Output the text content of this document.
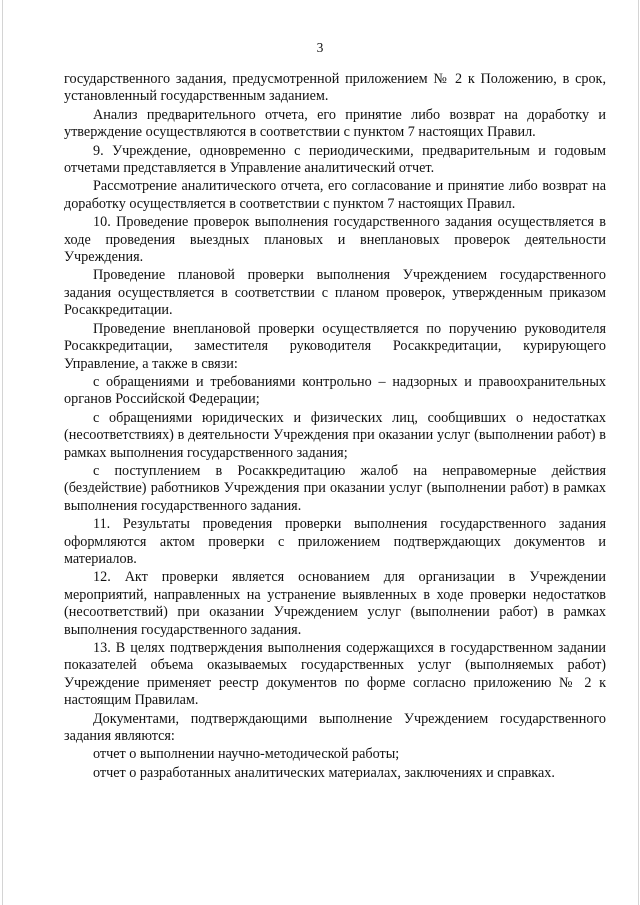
3

государственного задания, предусмотренной приложением № 2 к Положению, в срок, установленный государственным заданием.

Анализ предварительного отчета, его принятие либо возврат на доработку и утверждение осуществляются в соответствии с пунктом 7 настоящих Правил.

9. Учреждение, одновременно с периодическими, предварительным и годовым отчетами представляется в Управление аналитический отчет.

Рассмотрение аналитического отчета, его согласование и принятие либо возврат на доработку осуществляется в соответствии с пунктом 7 настоящих Правил.

10. Проведение проверок выполнения государственного задания осуществляется в ходе проведения выездных плановых и внеплановых проверок деятельности Учреждения.

Проведение плановой проверки выполнения Учреждением государственного задания осуществляется в соответствии с планом проверок, утвержденным приказом Росаккредитации.

Проведение внеплановой проверки осуществляется по поручению руководителя Росаккредитации, заместителя руководителя Росаккредитации, курирующего Управление, а также в связи:

с обращениями и требованиями контрольно – надзорных и правоохранительных органов Российской Федерации;

с обращениями юридических и физических лиц, сообщивших о недостатках (несоответствиях) в деятельности Учреждения при оказании услуг (выполнении работ) в рамках выполнения государственного задания;

с поступлением в Росаккредитацию жалоб на неправомерные действия (бездействие) работников Учреждения при оказании услуг (выполнении работ) в рамках выполнения государственного задания.

11. Результаты проведения проверки выполнения государственного задания оформляются актом проверки с приложением подтверждающих документов и материалов.

12. Акт проверки является основанием для организации в Учреждении мероприятий, направленных на устранение выявленных в ходе проверки недостатков (несоответствий) при оказании Учреждением услуг (выполнении работ) в рамках выполнения государственного задания.

13. В целях подтверждения выполнения содержащихся в государственном задании показателей объема оказываемых государственных услуг (выполняемых работ) Учреждение применяет реестр документов по форме согласно приложению № 2 к настоящим Правилам.

Документами, подтверждающими выполнение Учреждением государственного задания являются:

отчет о выполнении научно-методической работы;

отчет о разработанных аналитических материалах, заключениях и справках.
